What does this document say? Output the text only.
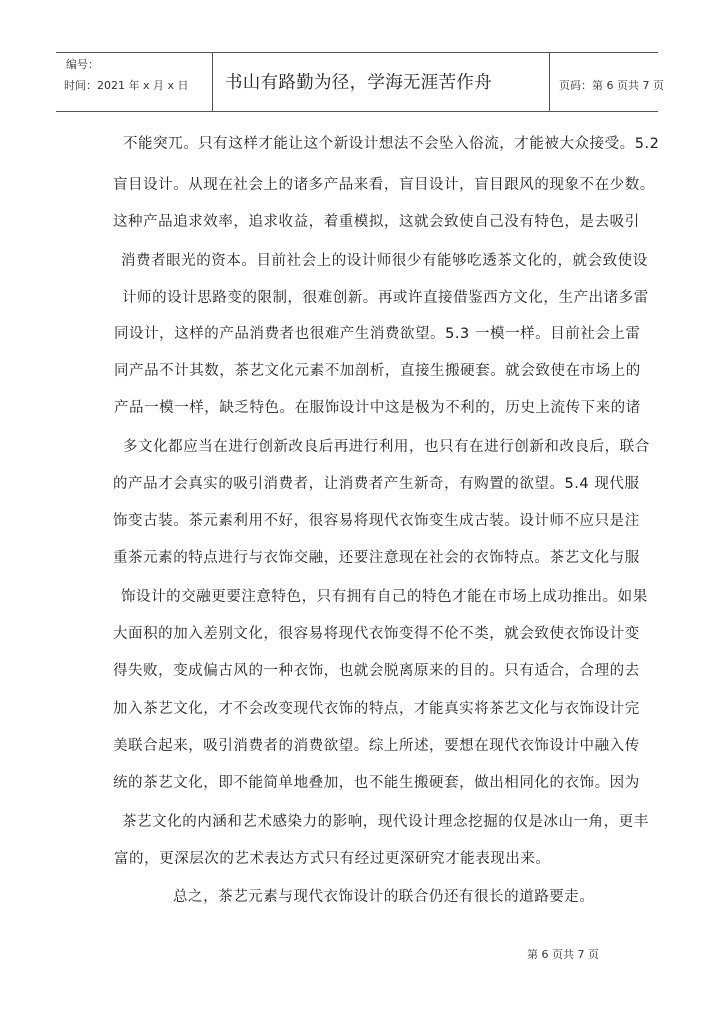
编号：
时间：2021 年 x 月 x 日 书山有路勤为径，学海无涯苦作舟	页码：第 6 页共 7 页
不能突兀。只有这样才能让这个新设计想法不会坠入俗流，才能被大众接受。5.2
盲目设计。从现在社会上的诸多产品来看，盲目设计，盲目跟风的现象不在少数。
这种产品追求效率，追求收益，着重模拟，这就会致使自己没有特色，是去吸引
消费者眼光的资本。目前社会上的设计师很少有能够吃透茶文化的，就会致使设
计师的设计思路变的限制，很难创新。再或许直接借鉴西方文化，生产出诸多雷
同设计，这样的产品消费者也很难产生消费欲望。5.3 一模一样。目前社会上雷
同产品不计其数，茶艺文化元素不加剖析，直接生搬硬套。就会致使在市场上的
产品一模一样，缺乏特色。在服饰设计中这是极为不利的，历史上流传下来的诸
多文化都应当在进行创新改良后再进行利用，也只有在进行创新和改良后，联合
的产品才会真实的吸引消费者，让消费者产生新奇，有购置的欲望。5.4 现代服
饰变古装。茶元素利用不好，很容易将现代衣饰变生成古装。设计师不应只是注
重茶元素的特点进行与衣饰交融，还要注意现在社会的衣饰特点。茶艺文化与服
饰设计的交融更要注意特色，只有拥有自己的特色才能在市场上成功推出。如果
大面积的加入差别文化，很容易将现代衣饰变得不伦不类，就会致使衣饰设计变
得失败，变成偏古风的一种衣饰，也就会脱离原来的目的。只有适合，合理的去
加入茶艺文化，才不会改变现代衣饰的特点，才能真实将茶艺文化与衣饰设计完
美联合起来，吸引消费者的消费欲望。综上所述，要想在现代衣饰设计中融入传
统的茶艺文化，即不能简单地叠加，也不能生搬硬套，做出相同化的衣饰。因为
茶艺文化的内涵和艺术感染力的影响，现代设计理念挖掘的仅是冰山一角，更丰
富的，更深层次的艺术表达方式只有经过更深研究才能表现出来。
总之，茶艺元素与现代衣饰设计的联合仍还有很长的道路要走。
第 6 页共 7 页
